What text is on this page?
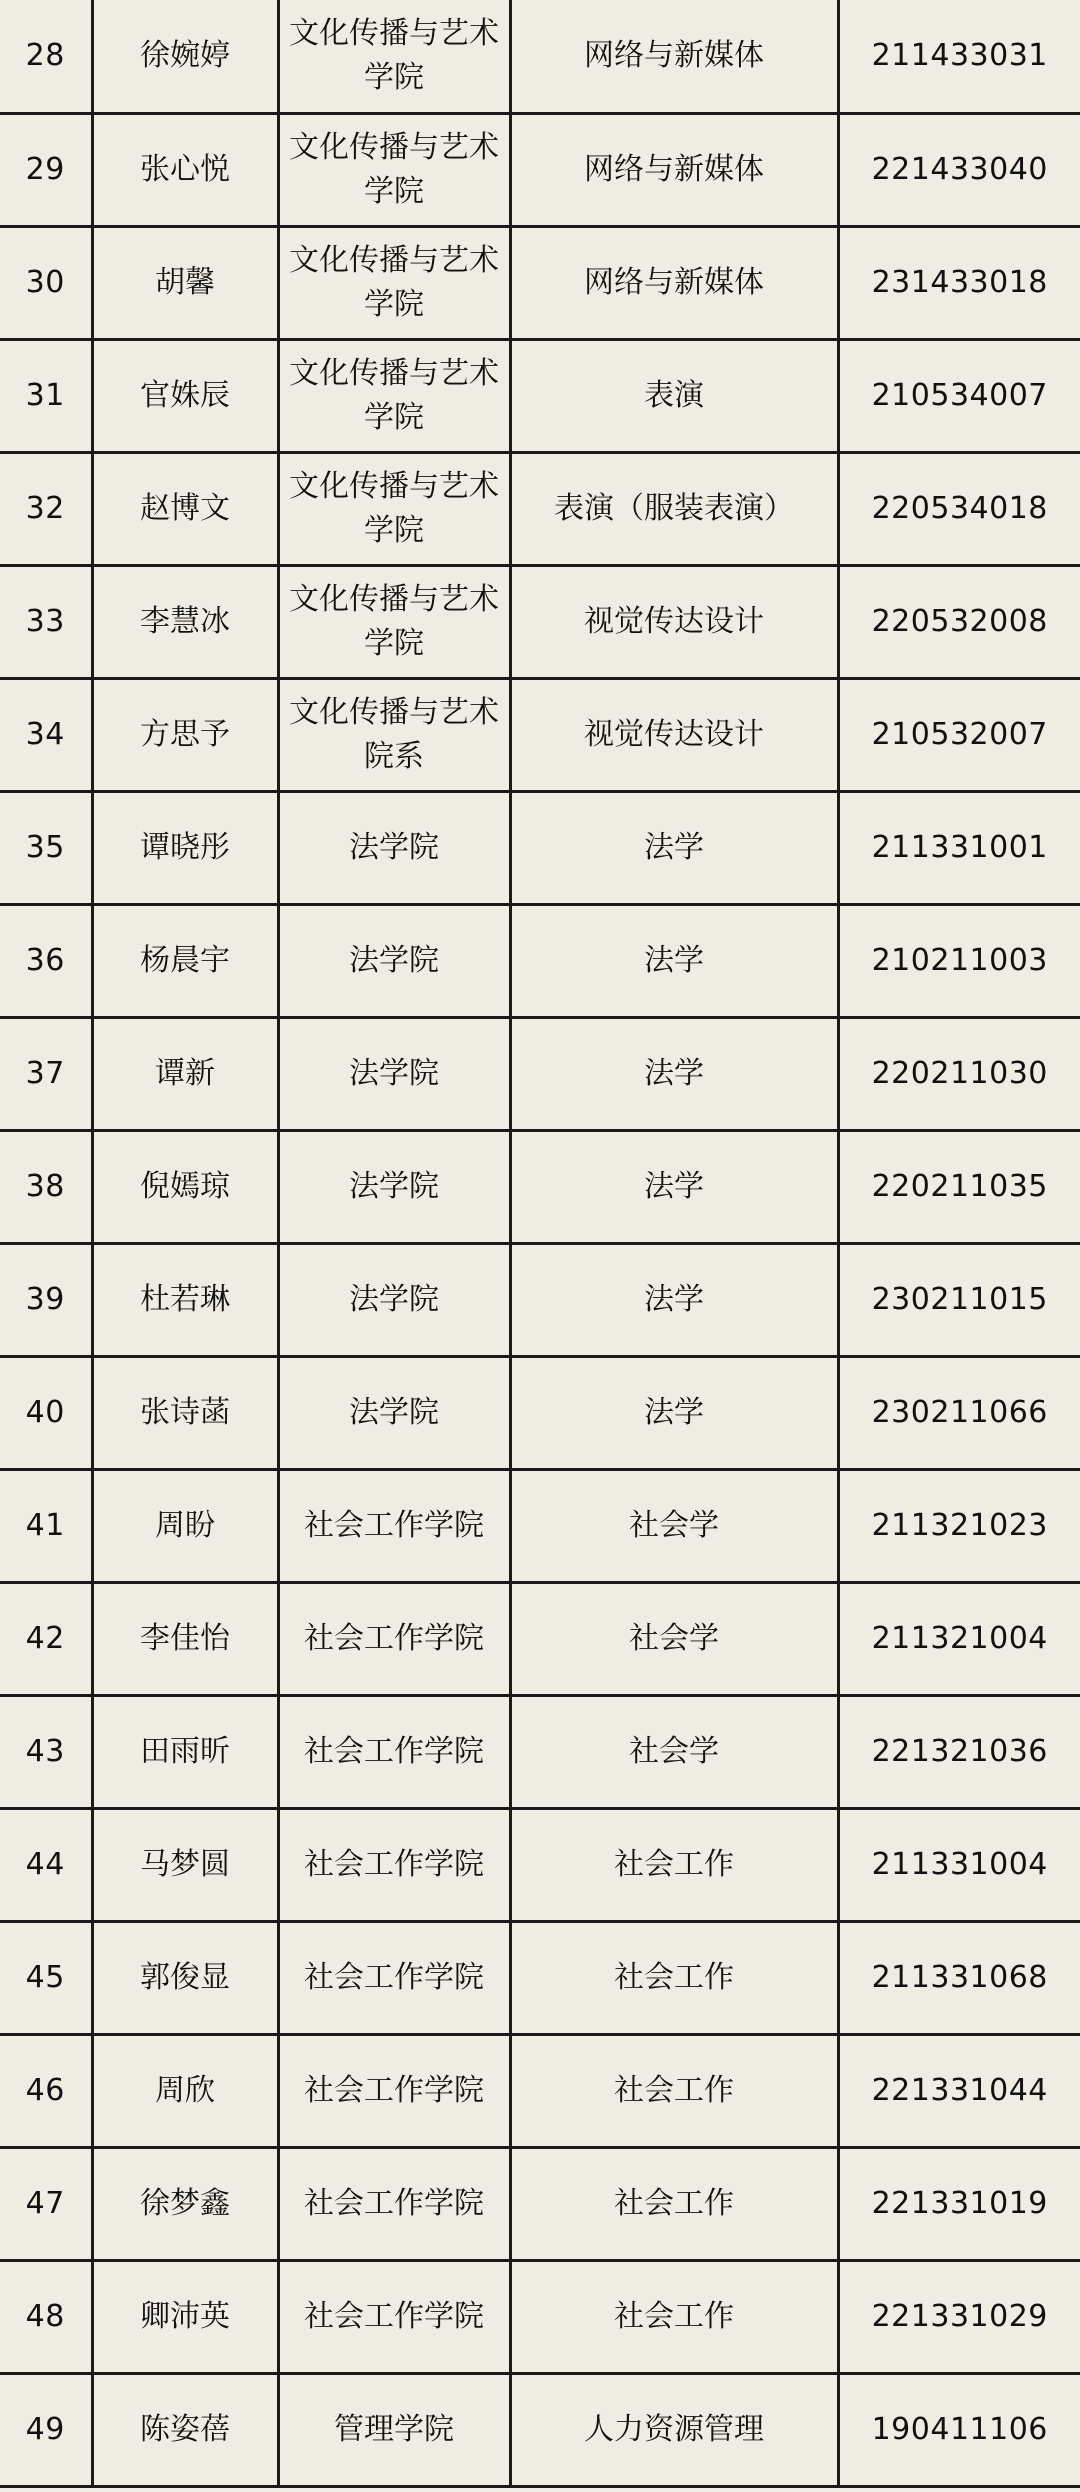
28	徐婉婷	文化传播与艺术学院	网络与新媒体	211433031
29	张心悦	文化传播与艺术学院	网络与新媒体	221433040
30	胡馨	文化传播与艺术学院	网络与新媒体	231433018
31	官姝辰	文化传播与艺术学院	表演	210534007
32	赵博文	文化传播与艺术学院	表演（服装表演）	220534018
33	李慧冰	文化传播与艺术学院	视觉传达设计	220532008
34	方思予	文化传播与艺术院系	视觉传达设计	210532007
35	谭晓彤	法学院	法学	211331001
36	杨晨宇	法学院	法学	210211003
37	谭新	法学院	法学	220211030
38	倪嫣琼	法学院	法学	220211035
39	杜若琳	法学院	法学	230211015
40	张诗菡	法学院	法学	230211066
41	周盼	社会工作学院	社会学	211321023
42	李佳怡	社会工作学院	社会学	211321004
43	田雨昕	社会工作学院	社会学	221321036
44	马梦圆	社会工作学院	社会工作	211331004
45	郭俊显	社会工作学院	社会工作	211331068
46	周欣	社会工作学院	社会工作	221331044
47	徐梦鑫	社会工作学院	社会工作	221331019
48	卿沛英	社会工作学院	社会工作	221331029
49	陈姿蓓	管理学院	人力资源管理	190411106
